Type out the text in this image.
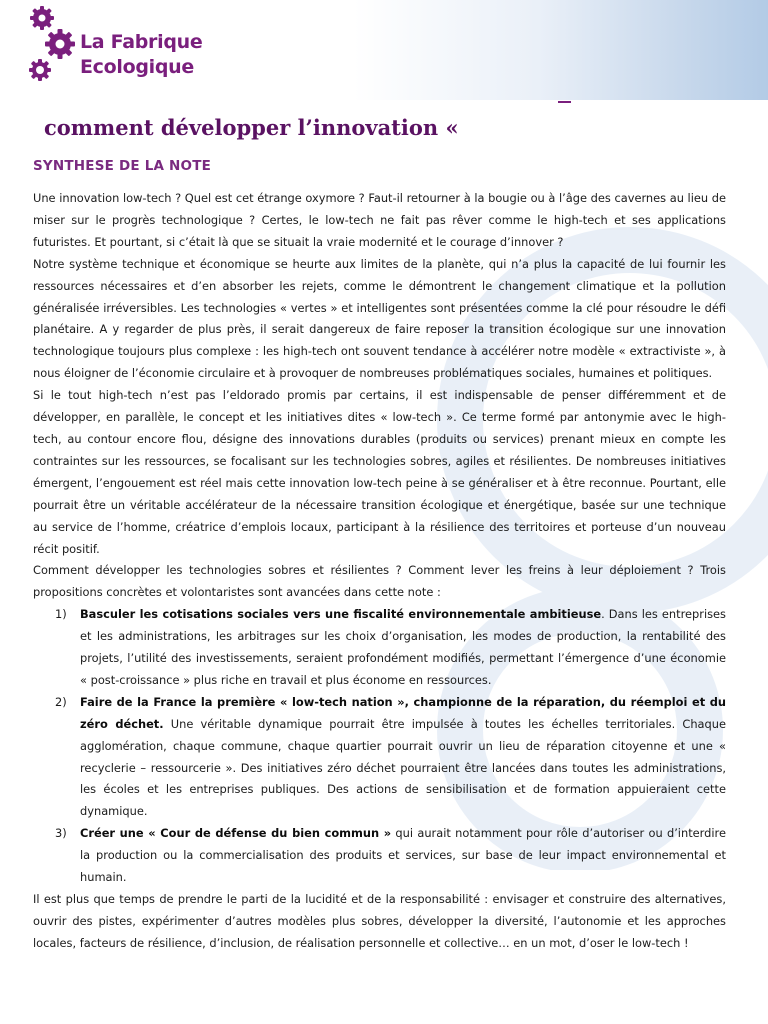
La Fabrique
Ecologique
comment développer l’innovation «
SYNTHESE DE LA NOTE

Une innovation low-tech ? Quel est cet étrange oxymore ? Faut-il retourner à la bougie ou à l’âge des cavernes au lieu de miser sur le progrès technologique ? Certes, le low-tech ne fait pas rêver comme le high-tech et ses applications futuristes. Et pourtant, si c’était là que se situait la vraie modernité et le courage d’innover ?

Notre système technique et économique se heurte aux limites de la planète, qui n’a plus la capacité de lui fournir les ressources nécessaires et d’en absorber les rejets, comme le démontrent le changement climatique et la pollution généralisée irréversibles. Les technologies « vertes » et intelligentes sont présentées comme la clé pour résoudre le défi planétaire. A y regarder de plus près, il serait dangereux de faire reposer la transition écologique sur une innovation technologique toujours plus complexe : les high-tech ont souvent tendance à accélérer notre modèle « extractiviste », à nous éloigner de l’économie circulaire et à provoquer de nombreuses problématiques sociales, humaines et politiques.

Si le tout high-tech n’est pas l’eldorado promis par certains, il est indispensable de penser différemment et de développer, en parallèle, le concept et les initiatives dites « low-tech ». Ce terme formé par antonymie avec le high-tech, au contour encore flou, désigne des innovations durables (produits ou services) prenant mieux en compte les contraintes sur les ressources, se focalisant sur les technologies sobres, agiles et résilientes. De nombreuses initiatives émergent, l’engouement est réel mais cette innovation low-tech peine à se généraliser et à être reconnue. Pourtant, elle pourrait être un véritable accélérateur de la nécessaire transition écologique et énergétique, basée sur une technique au service de l’homme, créatrice d’emplois locaux, participant à la résilience des territoires et porteuse d’un nouveau récit positif.

Comment développer les technologies sobres et résilientes ? Comment lever les freins à leur déploiement ? Trois propositions concrètes et volontaristes sont avancées dans cette note :

1) Basculer les cotisations sociales vers une fiscalité environnementale ambitieuse. Dans les entreprises et les administrations, les arbitrages sur les choix d’organisation, les modes de production, la rentabilité des projets, l’utilité des investissements, seraient profondément modifiés, permettant l’émergence d’une économie « post-croissance » plus riche en travail et plus économe en ressources.
2) Faire de la France la première « low-tech nation », championne de la réparation, du réemploi et du zéro déchet. Une véritable dynamique pourrait être impulsée à toutes les échelles territoriales. Chaque agglomération, chaque commune, chaque quartier pourrait ouvrir un lieu de réparation citoyenne et une « recyclerie – ressourcerie ». Des initiatives zéro déchet pourraient être lancées dans toutes les administrations, les écoles et les entreprises publiques. Des actions de sensibilisation et de formation appuieraient cette dynamique.
3) Créer une « Cour de défense du bien commun » qui aurait notamment pour rôle d’autoriser ou d’interdire la production ou la commercialisation des produits et services, sur base de leur impact environnemental et humain.

Il est plus que temps de prendre le parti de la lucidité et de la responsabilité : envisager et construire des alternatives, ouvrir des pistes, expérimenter d’autres modèles plus sobres, développer la diversité, l’autonomie et les approches locales, facteurs de résilience, d’inclusion, de réalisation personnelle et collective… en un mot, d’oser le low-tech !
